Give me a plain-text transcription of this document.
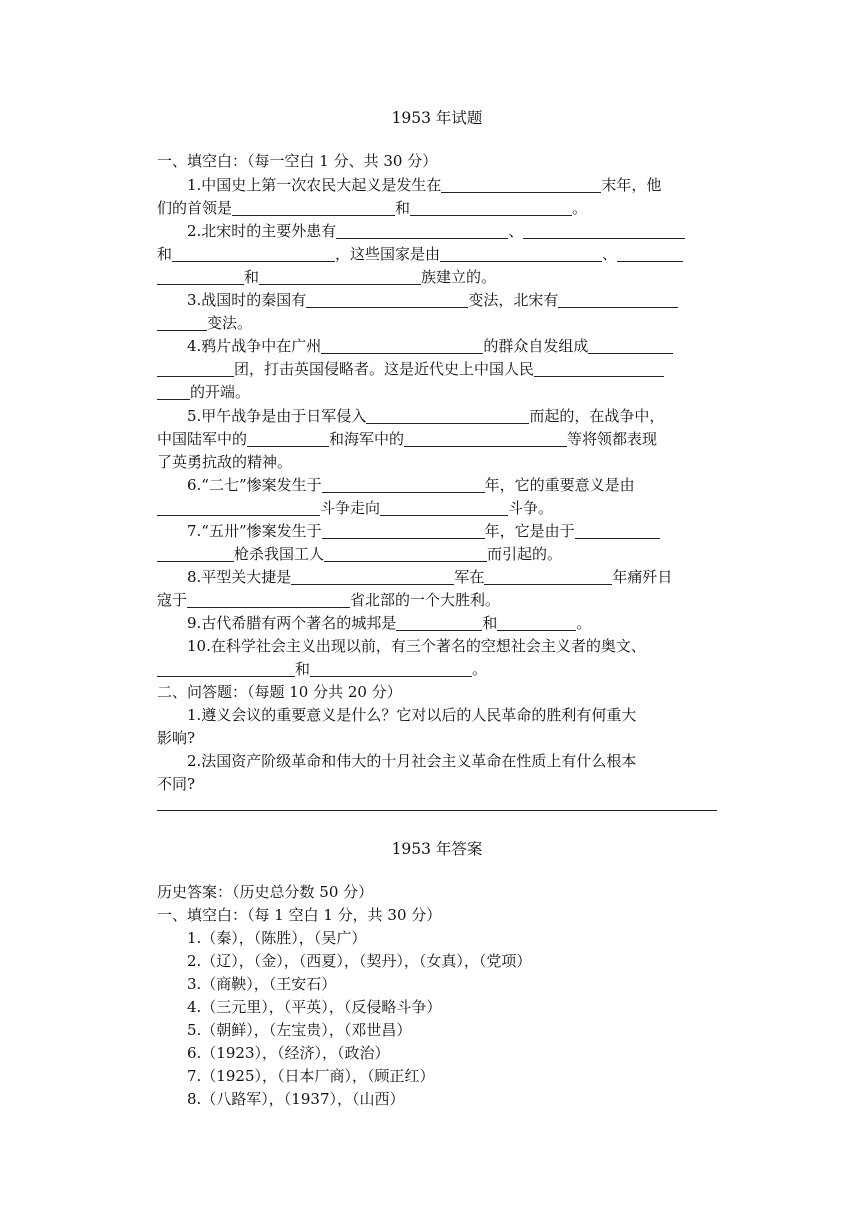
1953 年试题
一、填空白：（每一空白 1 分、共 30 分）
1.中国史上第一次农民大起义是发生在	末年，他
们的首领是	和	。
2.北宋时的主要外患有	、
和	，这些国家是由	、
和	族建立的。
3.战国时的秦国有	变法，北宋有
变法。
4.鸦片战争中在广州	的群众自发组成
团，打击英国侵略者。这是近代史上中国人民
的开端。
5.甲午战争是由于日军侵入	而起的，在战争中，
中国陆军中的	和海军中的	等将领都表现
了英勇抗敌的精神。
6.“二七”惨案发生于	年，它的重要意义是由
斗争走向	斗争。
7.“五卅”惨案发生于	年，它是由于
枪杀我国工人	而引起的。
8.平型关大捷是	军在	年痛歼日
寇于	省北部的一个大胜利。
9.古代希腊有两个著名的城邦是	和	。
10.在科学社会主义出现以前，有三个著名的空想社会主义者的奥文、
和	。
二、问答题：（每题 10 分共 20 分）
1.遵义会议的重要意义是什么？它对以后的人民革命的胜利有何重大
影响?
2.法国资产阶级革命和伟大的十月社会主义革命在性质上有什么根本
不同?
1953 年答案
历史答案：（历史总分数 50 分）
一、填空白：（每 1 空白 1 分，共 30 分）
1.（秦），（陈胜），（吴广）
2.（辽），（金），（西夏），（契丹），（女真），（党项）
3.（商鞅），（王安石）
4.（三元里），（平英），（反侵略斗争）
5.（朝鲜），（左宝贵），（邓世昌）
6.（1923），（经济），（政治）
7.（1925），（日本厂商），（顾正红）
8.（八路军），（1937），（山西）
